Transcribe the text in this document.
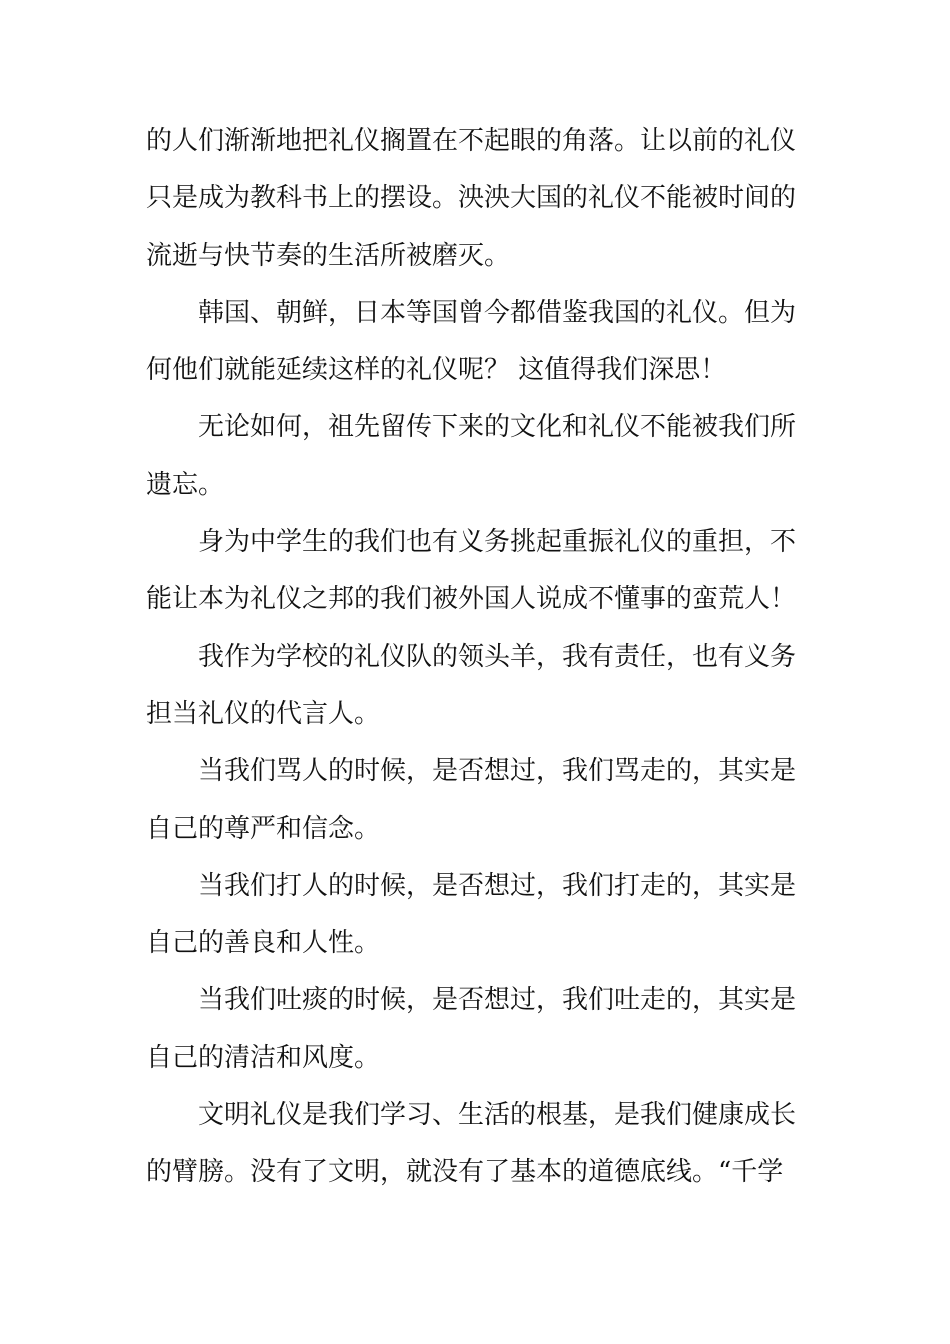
的人们渐渐地把礼仪搁置在不起眼的角落。让以前的礼仪
只是成为教科书上的摆设。泱泱大国的礼仪不能被时间的
流逝与快节奏的生活所被磨灭。
韩国、朝鲜，日本等国曾今都借鉴我国的礼仪。但为
何他们就能延续这样的礼仪呢？ 这值得我们深思！
无论如何，祖先留传下来的文化和礼仪不能被我们所
遗忘。
身为中学生的我们也有义务挑起重振礼仪的重担，不
能让本为礼仪之邦的我们被外国人说成不懂事的蛮荒人！
我作为学校的礼仪队的领头羊，我有责任，也有义务
担当礼仪的代言人。
当我们骂人的时候，是否想过，我们骂走的，其实是
自己的尊严和信念。
当我们打人的时候，是否想过，我们打走的，其实是
自己的善良和人性。
当我们吐痰的时候，是否想过，我们吐走的，其实是
自己的清洁和风度。
文明礼仪是我们学习、生活的根基，是我们健康成长
的臂膀。没有了文明，就没有了基本的道德底线。“千学
